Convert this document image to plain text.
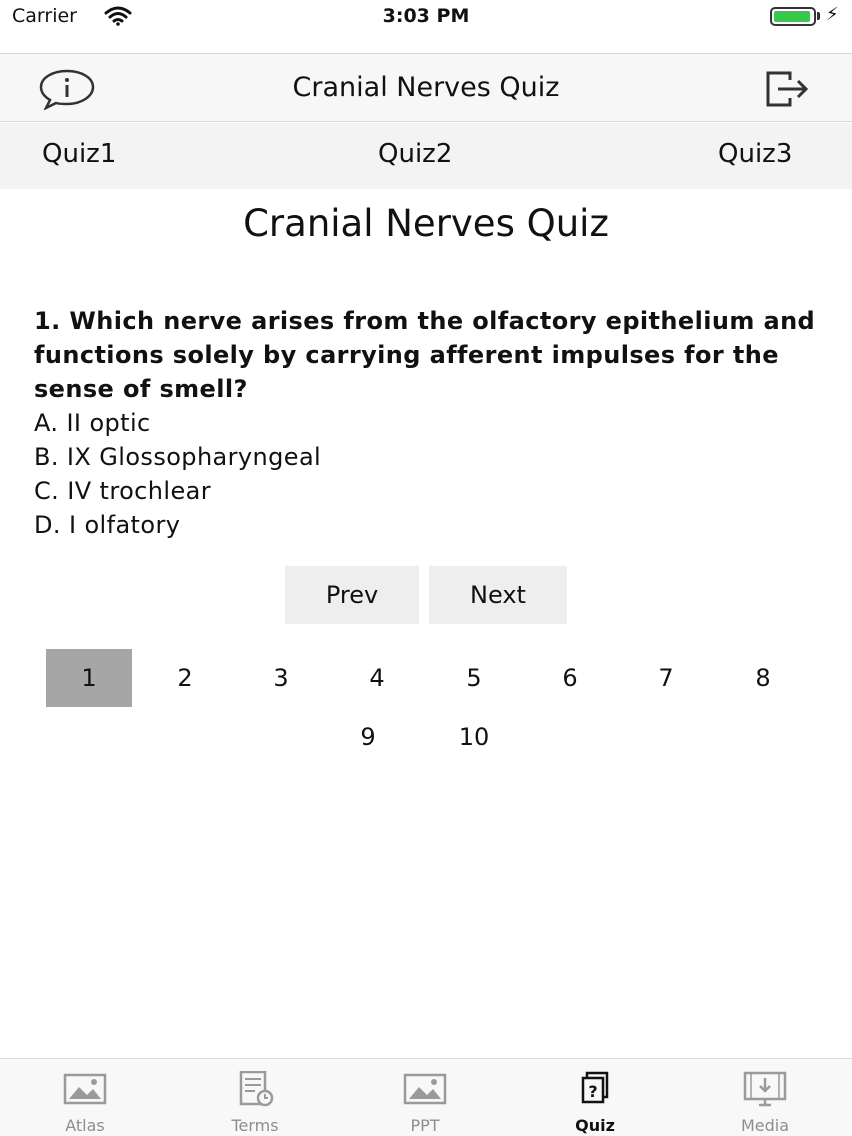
Carrier	3:03 PM	⚡
Cranial Nerves Quiz
Quiz1	Quiz2	Quiz3
Cranial Nerves Quiz
1. Which nerve arises from the olfactory epithelium and functions solely by carrying afferent impulses for the sense of smell?
A. II optic
B. IX Glossopharyngeal
C. IV trochlear
D. I olfatory
Prev	Next
1	2	3	4	5	6	7	8
9	10
Atlas	Terms	PPT
?
Quiz	Media
